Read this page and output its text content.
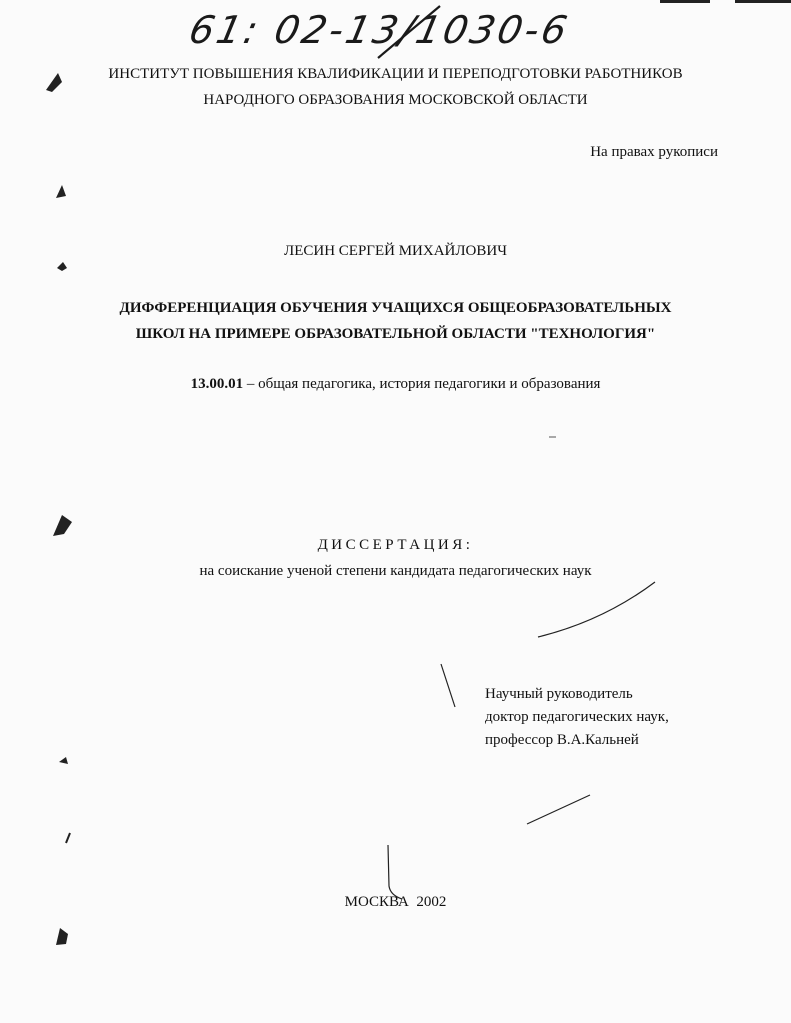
61: 02-13/1030-6
ИНСТИТУТ ПОВЫШЕНИЯ КВАЛИФИКАЦИИ И ПЕРЕПОДГОТОВКИ РАБОТНИКОВ
НАРОДНОГО ОБРАЗОВАНИЯ МОСКОВСКОЙ ОБЛАСТИ
На правах рукописи
ЛЕСИН СЕРГЕЙ МИХАЙЛОВИЧ
ДИФФЕРЕНЦИАЦИЯ ОБУЧЕНИЯ УЧАЩИХСЯ ОБЩЕОБРАЗОВАТЕЛЬНЫХ
ШКОЛ НА ПРИМЕРЕ ОБРАЗОВАТЕЛЬНОЙ ОБЛАСТИ "ТЕХНОЛОГИЯ"
13.00.01 – общая педагогика, история педагогики и образования
ДИССЕРТАЦИЯ:
на соискание ученой степени кандидата педагогических наук
Научный руководитель
доктор педагогических наук,
профессор В.А.Кальней
МОСКВА 2002
